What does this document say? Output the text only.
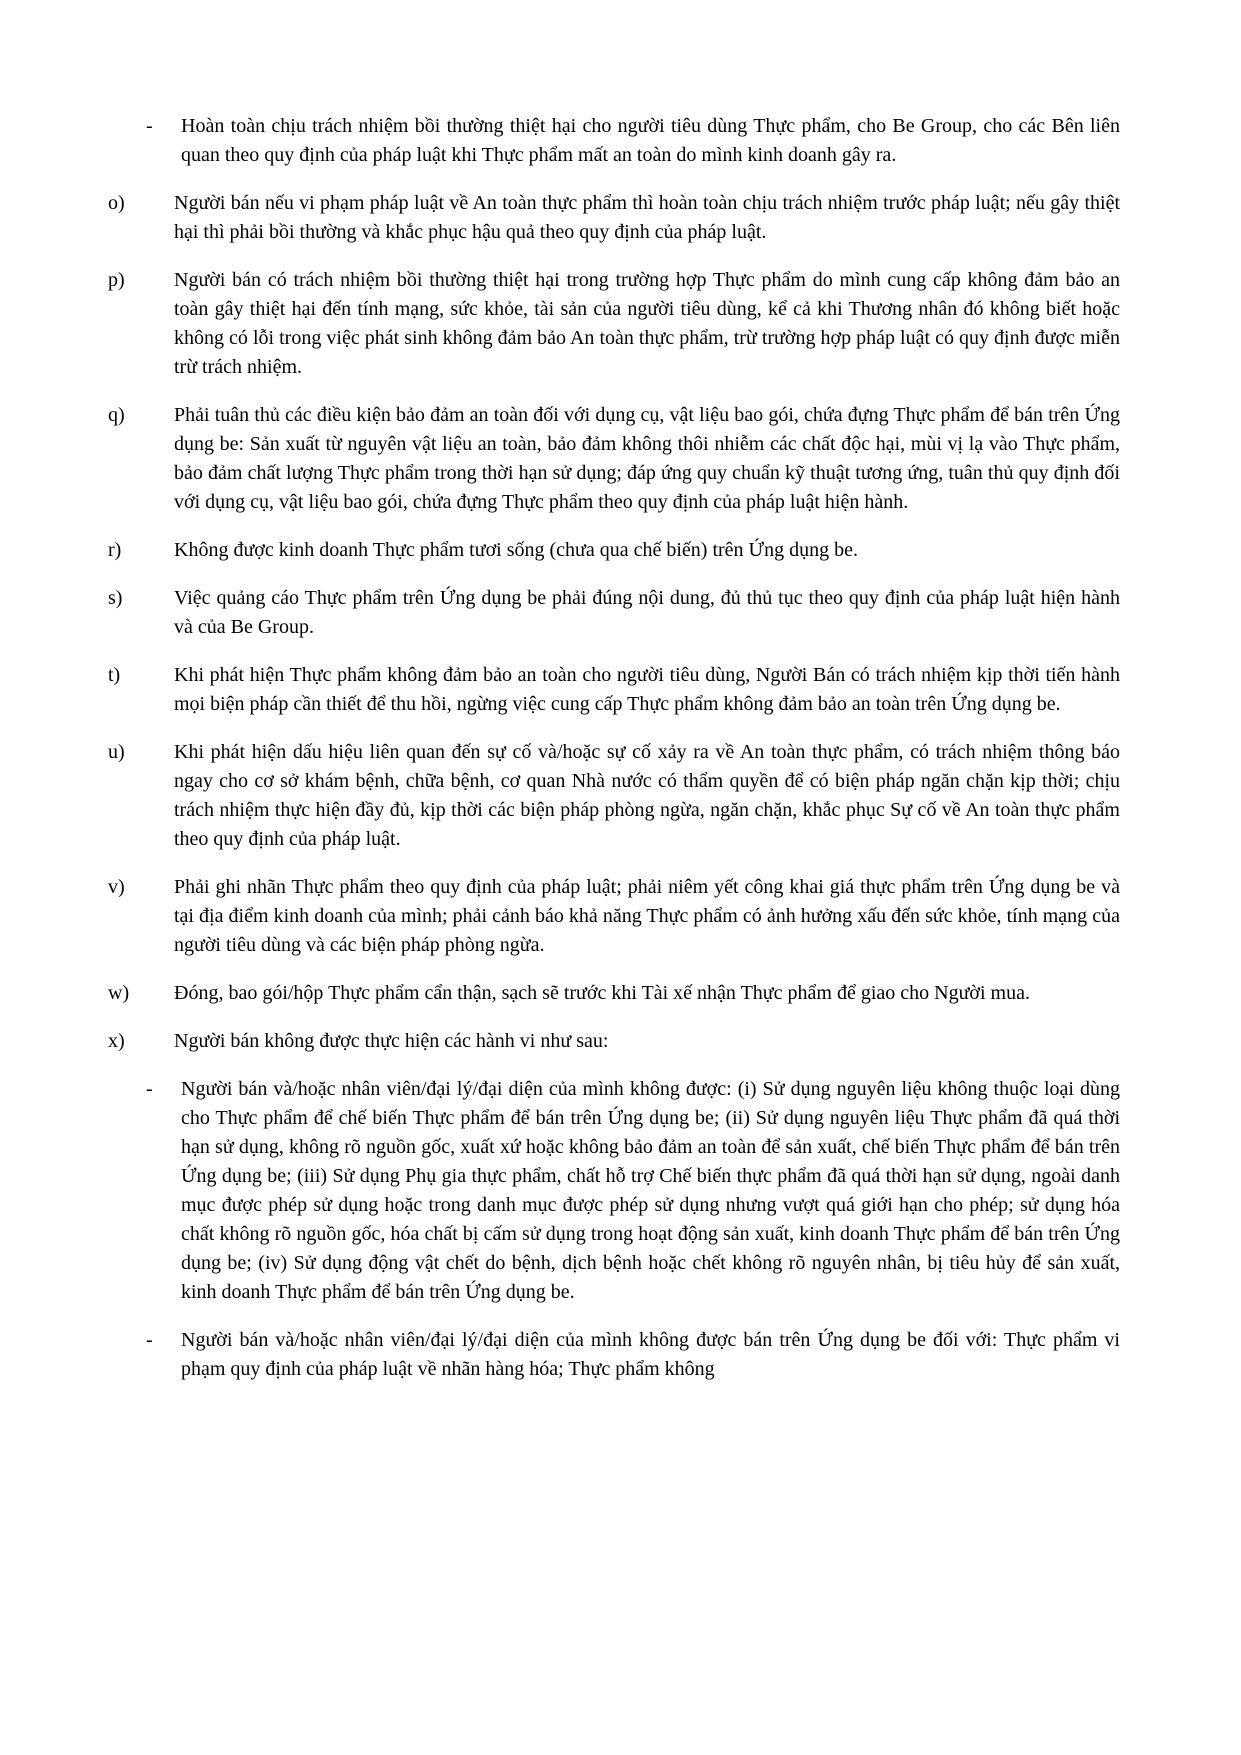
-	Hoàn toàn chịu trách nhiệm bồi thường thiệt hại cho người tiêu dùng Thực phẩm, cho Be Group, cho các Bên liên quan theo quy định của pháp luật khi Thực phẩm mất an toàn do mình kinh doanh gây ra.
o)	Người bán nếu vi phạm pháp luật về An toàn thực phẩm thì hoàn toàn chịu trách nhiệm trước pháp luật; nếu gây thiệt hại thì phải bồi thường và khắc phục hậu quả theo quy định của pháp luật.
p)	Người bán có trách nhiệm bồi thường thiệt hại trong trường hợp Thực phẩm do mình cung cấp không đảm bảo an toàn gây thiệt hại đến tính mạng, sức khỏe, tài sản của người tiêu dùng, kể cả khi Thương nhân đó không biết hoặc không có lỗi trong việc phát sinh không đảm bảo An toàn thực phẩm, trừ trường hợp pháp luật có quy định được miễn trừ trách nhiệm.
q)	Phải tuân thủ các điều kiện bảo đảm an toàn đối với dụng cụ, vật liệu bao gói, chứa đựng Thực phẩm để bán trên Ứng dụng be: Sản xuất từ nguyên vật liệu an toàn, bảo đảm không thôi nhiễm các chất độc hại, mùi vị lạ vào Thực phẩm, bảo đảm chất lượng Thực phẩm trong thời hạn sử dụng; đáp ứng quy chuẩn kỹ thuật tương ứng, tuân thủ quy định đối với dụng cụ, vật liệu bao gói, chứa đựng Thực phẩm theo quy định của pháp luật hiện hành.
r)	Không được kinh doanh Thực phẩm tươi sống (chưa qua chế biến) trên Ứng dụng be.
s)	Việc quảng cáo Thực phẩm trên Ứng dụng be phải đúng nội dung, đủ thủ tục theo quy định của pháp luật hiện hành và của Be Group.
t)	Khi phát hiện Thực phẩm không đảm bảo an toàn cho người tiêu dùng, Người Bán có trách nhiệm kịp thời tiến hành mọi biện pháp cần thiết để thu hồi, ngừng việc cung cấp Thực phẩm không đảm bảo an toàn trên Ứng dụng be.
u)	Khi phát hiện dấu hiệu liên quan đến sự cố và/hoặc sự cố xảy ra về An toàn thực phẩm, có trách nhiệm thông báo ngay cho cơ sở khám bệnh, chữa bệnh, cơ quan Nhà nước có thẩm quyền để có biện pháp ngăn chặn kịp thời; chịu trách nhiệm thực hiện đầy đủ, kịp thời các biện pháp phòng ngừa, ngăn chặn, khắc phục Sự cố về An toàn thực phẩm theo quy định của pháp luật.
v)	Phải ghi nhãn Thực phẩm theo quy định của pháp luật; phải niêm yết công khai giá thực phẩm trên Ứng dụng be và tại địa điểm kinh doanh của mình; phải cảnh báo khả năng Thực phẩm có ảnh hưởng xấu đến sức khỏe, tính mạng của người tiêu dùng và các biện pháp phòng ngừa.
w)	Đóng, bao gói/hộp Thực phẩm cẩn thận, sạch sẽ trước khi Tài xế nhận Thực phẩm để giao cho Người mua.
x)	Người bán không được thực hiện các hành vi như sau:
-	Người bán và/hoặc nhân viên/đại lý/đại diện của mình không được: (i) Sử dụng nguyên liệu không thuộc loại dùng cho Thực phẩm để chế biến Thực phẩm để bán trên Ứng dụng be; (ii) Sử dụng nguyên liệu Thực phẩm đã quá thời hạn sử dụng, không rõ nguồn gốc, xuất xứ hoặc không bảo đảm an toàn để sản xuất, chế biến Thực phẩm để bán trên Ứng dụng be; (iii) Sử dụng Phụ gia thực phẩm, chất hỗ trợ Chế biến thực phẩm đã quá thời hạn sử dụng, ngoài danh mục được phép sử dụng hoặc trong danh mục được phép sử dụng nhưng vượt quá giới hạn cho phép; sử dụng hóa chất không rõ nguồn gốc, hóa chất bị cấm sử dụng trong hoạt động sản xuất, kinh doanh Thực phẩm để bán trên Ứng dụng be; (iv) Sử dụng động vật chết do bệnh, dịch bệnh hoặc chết không rõ nguyên nhân, bị tiêu hủy để sản xuất, kinh doanh Thực phẩm để bán trên Ứng dụng be.
-	Người bán và/hoặc nhân viên/đại lý/đại diện của mình không được bán trên Ứng dụng be đối với: Thực phẩm vi phạm quy định của pháp luật về nhãn hàng hóa; Thực phẩm không
